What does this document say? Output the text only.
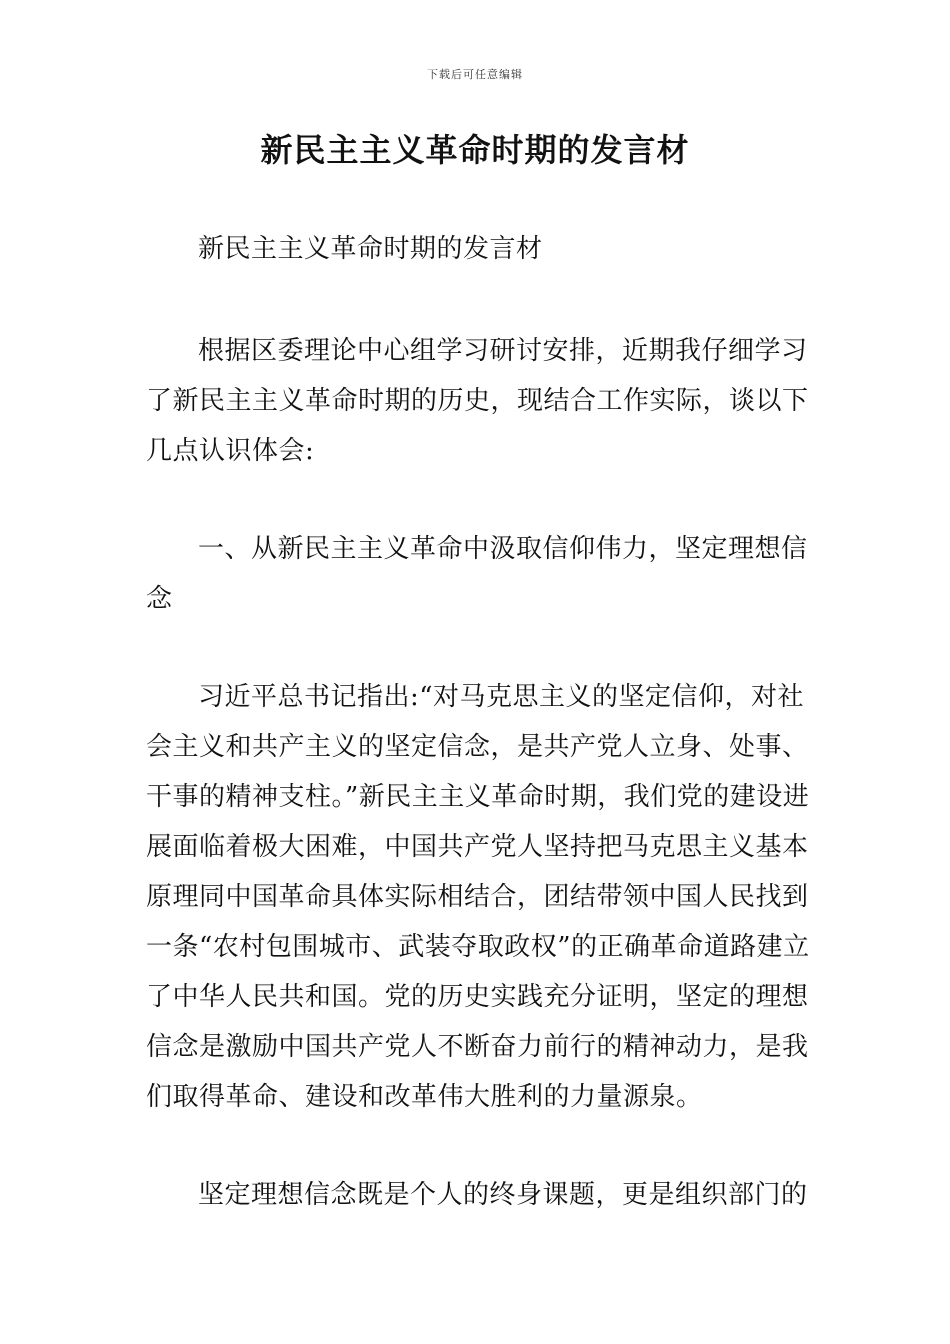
下载后可任意编辑
新民主主义革命时期的发言材

新民主主义革命时期的发言材

根据区委理论中心组学习研讨安排，近期我仔细学习了新民主主义革命时期的历史，现结合工作实际，谈以下几点认识体会:

一、从新民主主义革命中汲取信仰伟力，坚定理想信念

习近平总书记指出:“对马克思主义的坚定信仰，对社会主义和共产主义的坚定信念，是共产党人立身、处事、干事的精神支柱。”新民主主义革命时期，我们党的建设进展面临着极大困难，中国共产党人坚持把马克思主义基本原理同中国革命具体实际相结合，团结带领中国人民找到一条“农村包围城市、武装夺取政权”的正确革命道路建立了中华人民共和国。党的历史实践充分证明，坚定的理想信念是激励中国共产党人不断奋力前行的精神动力，是我们取得革命、建设和改革伟大胜利的力量源泉。

坚定理想信念既是个人的终身课题，更是组织部门的
